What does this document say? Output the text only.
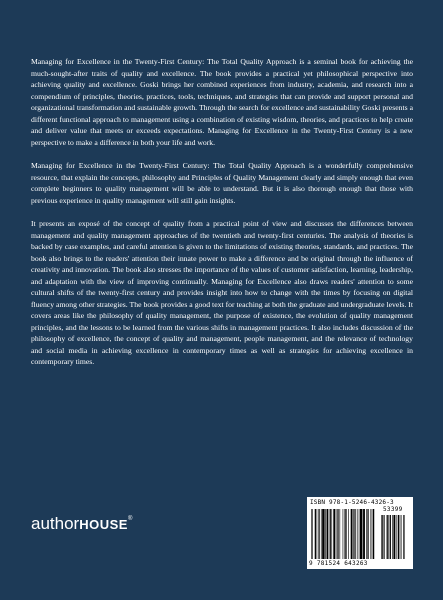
Managing for Excellence in the Twenty-First Century: The Total Quality Approach is a seminal book for achieving the much-sought-after traits of quality and excellence. The book provides a practical yet philosophical perspective into achieving quality and excellence. Goski brings her combined experiences from industry, academia, and research into a compendium of principles, theories, practices, tools, techniques, and strategies that can provide and support personal and organizational transformation and sustainable growth. Through the search for excellence and sustainability Goski presents a different functional approach to management using a combination of existing wisdom, theories, and practices to help create and deliver value that meets or exceeds expectations. Managing for Excellence in the Twenty-First Century is a new perspective to make a difference in both your life and work.

Managing for Excellence in the Twenty-First Century: The Total Quality Approach is a wonderfully comprehensive resource, that explain the concepts, philosophy and Principles of Quality Management clearly and simply enough that even complete beginners to quality management will be able to understand. But it is also thorough enough that those with previous experience in quality management will still gain insights.

It presents an exposé of the concept of quality from a practical point of view and discusses the differences between management and quality management approaches of the twentieth and twenty-first centuries. The analysis of theories is backed by case examples, and careful attention is given to the limitations of existing theories, standards, and practices. The book also brings to the readers' attention their innate power to make a difference and be original through the influence of creativity and innovation. The book also stresses the importance of the values of customer satisfaction, learning, leadership, and adaptation with the view of improving continually. Managing for Excellence also draws readers' attention to some cultural shifts of the twenty-first century and provides insight into how to change with the times by focusing on digital fluency among other strategies. The book provides a good text for teaching at both the graduate and undergraduate levels. It covers areas like the philosophy of quality management, the purpose of existence, the evolution of quality management principles, and the lessons to be learned from the various shifts in management practices. It also includes discussion of the philosophy of excellence, the concept of quality and management, people management, and the relevance of technology and social media in achieving excellence in contemporary times as well as strategies for achieving excellence in contemporary times.

authorHOUSE®
ISBN 978-1-5246-4326-3
53399
9 781524 643263
